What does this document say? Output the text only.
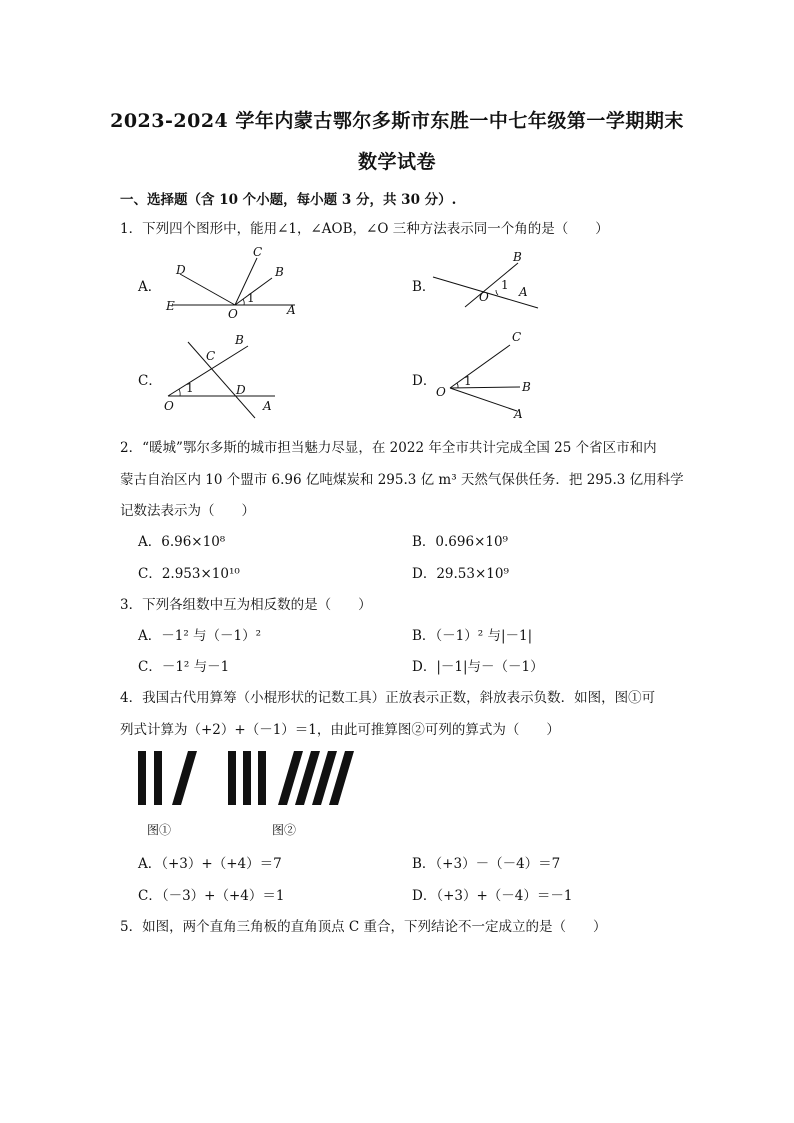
2023-2024 学年内蒙古鄂尔多斯市东胜一中七年级第一学期期末
数学试卷
一、选择题（含 10 个小题，每小题 3 分，共 30 分）.
1．下列四个图形中，能用∠1，∠AOB，∠O 三种方法表示同一个角的是（　　）
A．
D
C
B
E
O	A
1
B．
B
O
1 A
C．
C
B
O
1	D
A
D．
C
O
1	B
A
2．“暖城”鄂尔多斯的城市担当魅力尽显，在 2022 年全市共计完成全国 25 个省区市和内
蒙古自治区内 10 个盟市 6.96 亿吨煤炭和 295.3 亿 m³ 天然气保供任务．把 295.3 亿用科学
记数法表示为（　　）
A．6.96×10⁸	B．0.696×10⁹
C．2.953×10¹⁰	D．29.53×10⁹
3．下列各组数中互为相反数的是（　　）
A．－1² 与（－1）²	B．（－1）² 与|－1|
C．－1² 与－1	D．|－1|与－（－1）
4．我国古代用算筹（小棍形状的记数工具）正放表示正数，斜放表示负数．如图，图①可
列式计算为（+2）+（－1）＝1，由此可推算图②可列的算式为（　　）
图①	图②
A．（+3）+（+4）＝7	B．（+3）－（－4）＝7
C．（－3）+（+4）＝1	D．（+3）+（－4）＝－1
5．如图，两个直角三角板的直角顶点 C 重合，下列结论不一定成立的是（　　）
